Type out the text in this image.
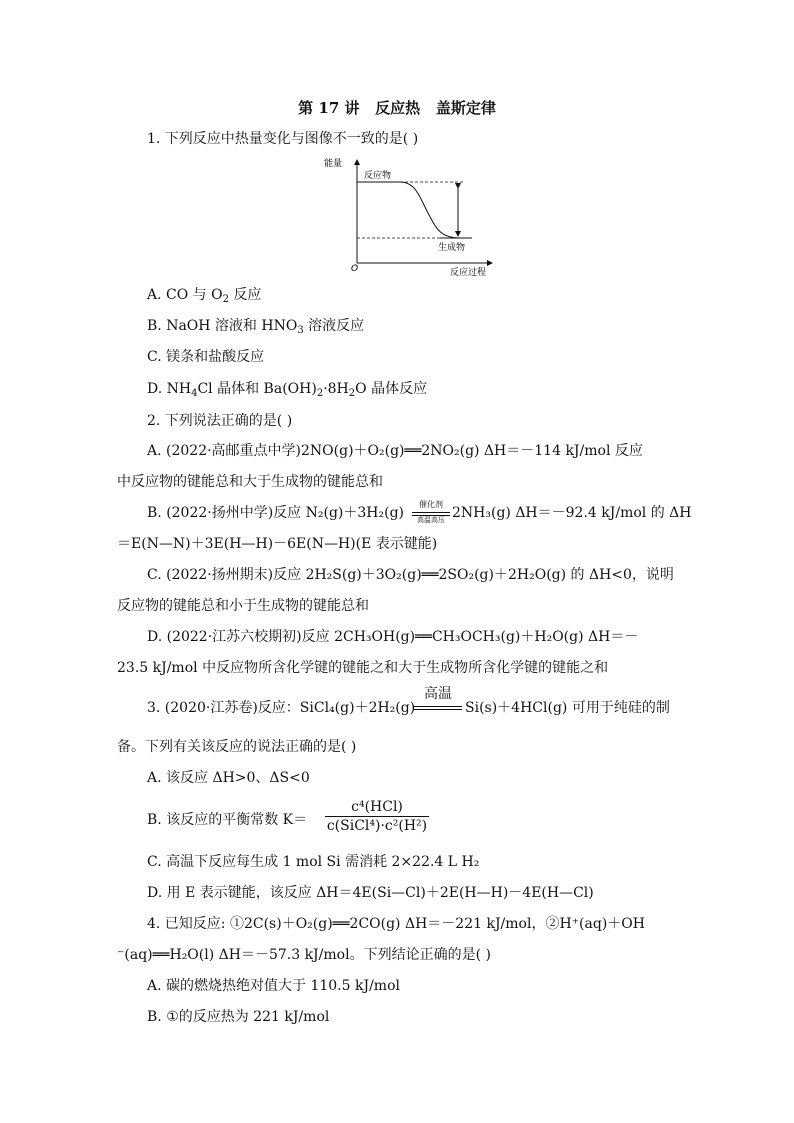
第 17 讲   反应热   盖斯定律
1. 下列反应中热量变化与图像不一致的是( )
能量
反应物
生成物
O	反应过程
A. CO 与 $O_2$ 反应
B. NaOH 溶液和 $HNO_3$ 溶液反应
C. 镁条和盐酸反应
D. $NH_4Cl$ 晶体和 $Ba(OH)_2\cdot 8H_2O$ 晶体反应
2. 下列说法正确的是( )
A. (2022·高邮重点中学)2NO(g)＋O₂(g)══2NO₂(g) ΔH＝－114 kJ/mol 反应
中反应物的键能总和大于生成物的键能总和
B. (2022·扬州中学)反应 N₂(g)＋3H₂(g)
催化剂
高温高压 2NH₃(g) ΔH＝－92.4 kJ/mol 的 ΔH
＝E(N—N)＋3E(H—H)－6E(N—H)(E 表示键能)
C. (2022·扬州期末)反应 2H₂S(g)＋3O₂(g)══2SO₂(g)＋2H₂O(g) 的 ΔH<0，说明
反应物的键能总和小于生成物的键能总和
D. (2022·江苏六校期初)反应 2CH₃OH(g)══CH₃OCH₃(g)＋H₂O(g) ΔH＝－
23.5 kJ/mol 中反应物所含化学键的键能之和大于生成物所含化学键的键能之和
3. (2020·江苏卷)反应：SiCl₄(g)＋2H₂(g)
高温
Si(s)＋4HCl(g) 可用于纯硅的制
备。下列有关该反应的说法正确的是( )
A. 该反应 ΔH>0、ΔS<0
B. 该反应的平衡常数 K＝
c⁴(HCl)
c(SiCl⁴)·c²(H²)
C. 高温下反应每生成 1 mol Si 需消耗 2×22.4 L H₂
D. 用 E 表示键能，该反应 ΔH＝4E(Si—Cl)＋2E(H—H)－4E(H—Cl)
4. 已知反应: ①2C(s)＋O₂(g)══2CO(g) ΔH＝－221 kJ/mol，②H⁺(aq)＋OH
⁻(aq)══H₂O(l) ΔH＝－57.3 kJ/mol。下列结论正确的是( )
A. 碳的燃烧热绝对值大于 110.5 kJ/mol
B. ①的反应热为 221 kJ/mol
